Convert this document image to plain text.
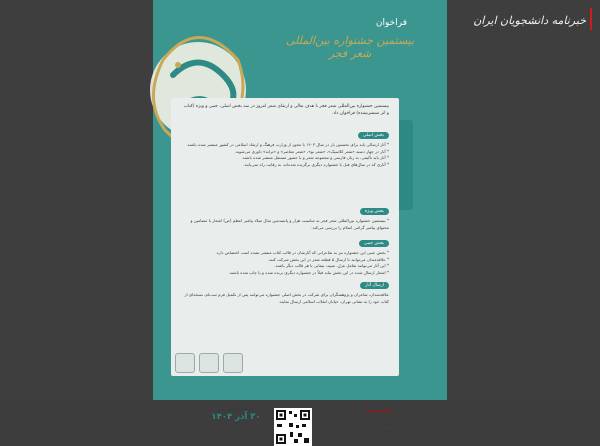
فراخوان
بیستمین جشنواره بین‌المللی شعر فجر
بیستمین جشنواره بین‌المللی شعر فجر با هدف تعالی و ارتقای شعر امروز در سه بخش اصلی، جنبی و ویژه (کتاب و اثر منتشرنشده) فراخوان داد.
بخش اصلی
* آثار ارسالی باید برای نخستین بار در سال ۱۴۰۳ با مجوز از وزارت فرهنگ و ارشاد اسلامی در کشور منتشر شده باشند.
* آثار در چهار دسته «شعر کلاسیک»، «شعر نو»، «شعر معاصر» و «ترانه» داوری می‌شوند.
* آثار باید تألیفی، به زبان فارسی و مجموعه شعر و با حضور مستقل منتشر شده باشند.
* آثاری که در سال‌های قبل یا جشنواره دیگری برگزیده شده‌اند، به رقابت راه نمی‌یابند.
بخش ویژه
* بیستمین جشنواره بین‌المللی شعر فجر به مناسبت هزار و پانصدمین سال میلاد پیامبر اعظم (ص) اشعار با مضامین و محتوای پیامبر گرامی اسلام را بررسی می‌کند.
بخش جنبی
* بخش جنبی این جشنواره نیز به شاعرانی که آثارشان در قالب کتاب منتشر نشده است اختصاص دارد.
* علاقه‌مندان می‌توانند تا ارسال ۵ قطعه شعر در این بخش شرکت کنند.
* این آثار می‌توانند شامل غزل، سپید، نیمایی یا هر قالب دیگر باشند.
* اشعار ارسال شده در این بخش نباید قبلاً در جشنواره دیگری برنده شده و یا چاپ شده باشند.
ارسال آثار
علاقه‌مندان، شاعران و پژوهشگران برای شرکت در بخش اصلی جشنواره می‌توانند پس از تکمیل فرم ثبت‌نام، نسخه‌ای از کتاب خود را به نشانی تهران، خیابان انقلاب اسلامی ارسال نمایند.
بخش جنبی:
آدرس پستی: تهران
تلفن: ۶۶۴۶۳۲۲۴
شماره: ۰۹۳۳۲۲۶۴۰۷۷
مهلت ارسال آثار:
۳۰ آذر ۱۴۰۴
خبرنامه دانشجویان ایران
